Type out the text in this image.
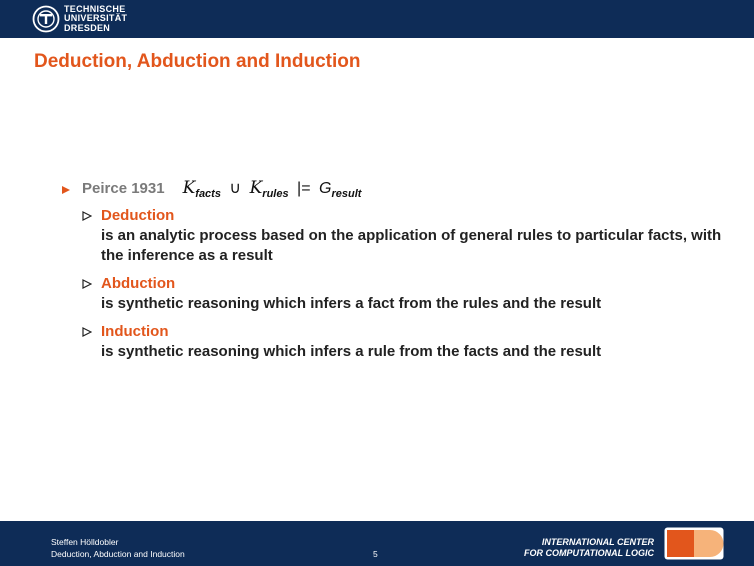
TECHNISCHE
UNIVERSITÄT
DRESDEN
Deduction, Abduction and Induction
Peirce 1931 $K_{facts}$ ∪ $K_{rules}$ |= $G_{result}$
Deduction
is an analytic process based on the application of general rules to particular facts, with the inference as a result
Abduction
is synthetic reasoning which infers a fact from the rules and the result
Induction
is synthetic reasoning which infers a rule from the facts and the result
Steffen Hölldobler
Deduction, Abduction and Induction	5
INTERNATIONAL CENTER
FOR COMPUTATIONAL LOGIC
